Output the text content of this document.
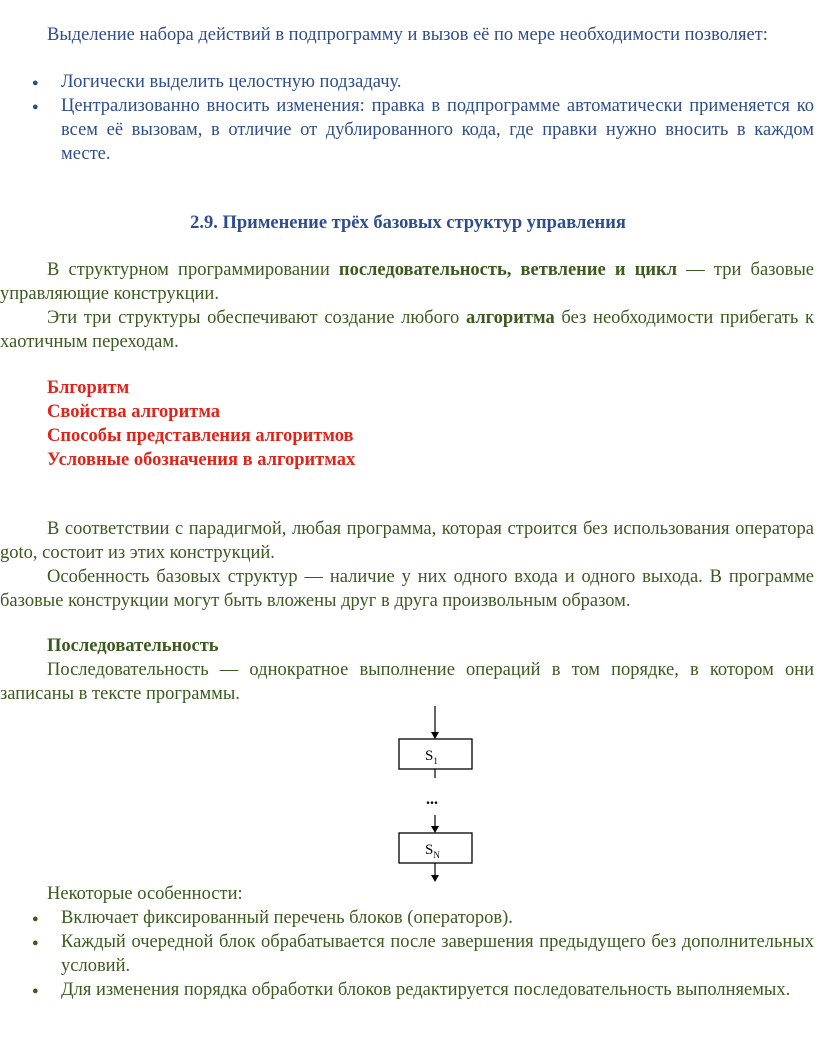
Выделение набора действий в подпрограмму и вызов её по мере необходимости позволяет:
● Логически выделить целостную подзадачу.
● Централизованно вносить изменения: правка в подпрограмме автоматически применяется ко всем её вызовам, в отличие от дублированного кода, где правки нужно вносить в каждом месте.
2.9. Применение трёх базовых структур управления
В структурном программировании последовательность, ветвление и цикл — три базовые управляющие конструкции.
Эти три структуры обеспечивают создание любого алгоритма без необходимости прибегать к хаотичным переходам.
Блгоритм
Свойства алгоритма
Способы представления алгоритмов
Условные обозначения в алгоритмах
В соответствии с парадигмой, любая программа, которая строится без использования оператора goto, состоит из этих конструкций.
Особенность базовых структур — наличие у них одного входа и одного выхода. В программе базовые конструкции могут быть вложены друг в друга произвольным образом.
Последовательность
Последовательность — однократное выполнение операций в том порядке, в котором они записаны в тексте программы.
$S_1$
...
$S_N$
Некоторые особенности:
● Включает фиксированный перечень блоков (операторов).
● Каждый очередной блок обрабатывается после завершения предыдущего без дополнительных условий.
● Для изменения порядка обработки блоков редактируется последовательность выполняемых.
